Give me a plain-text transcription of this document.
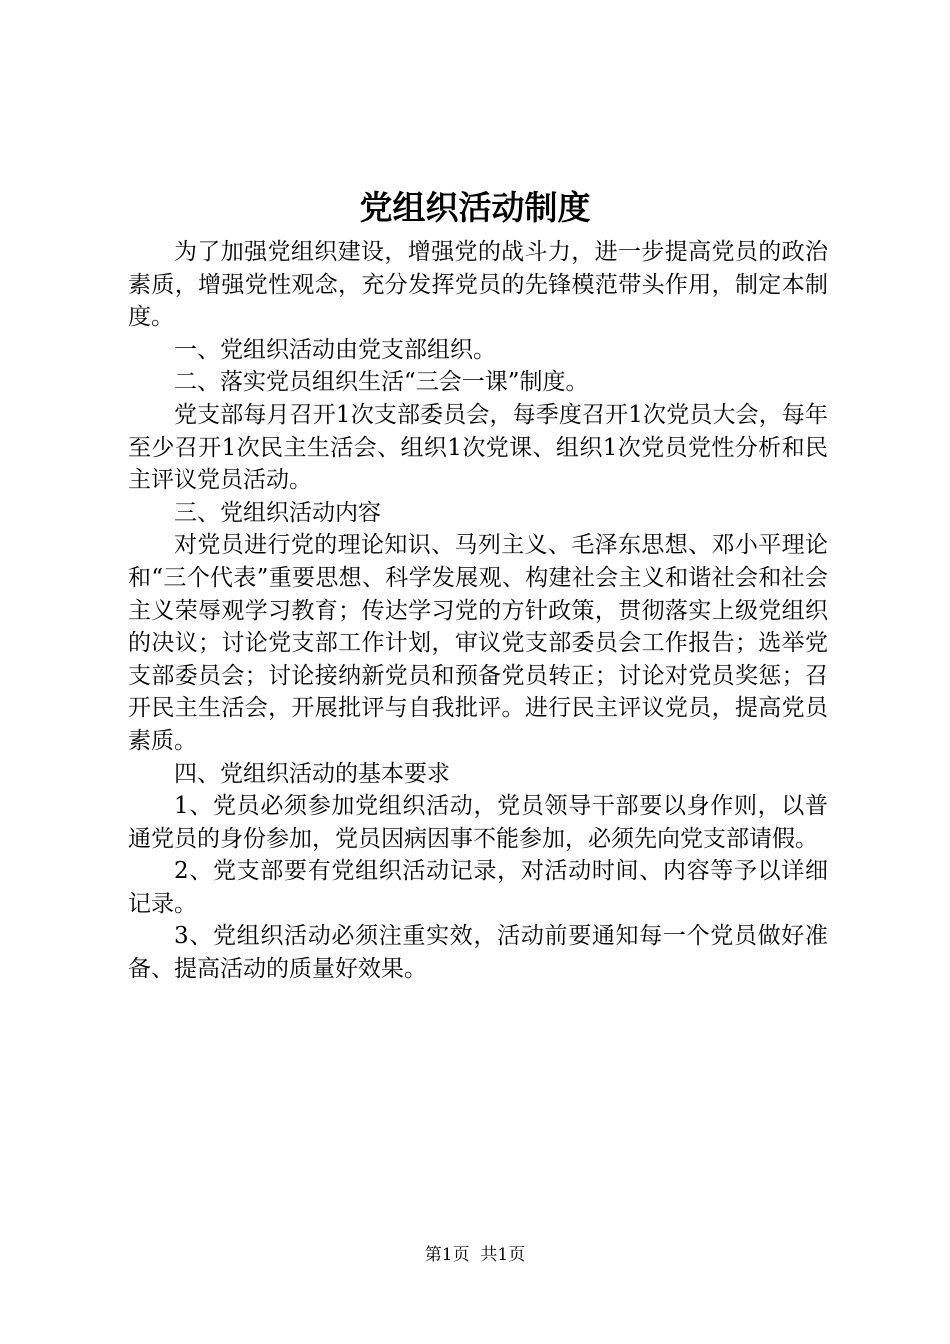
党组织活动制度

为了加强党组织建设，增强党的战斗力，进一步提高党员的政治素质，增强党性观念，充分发挥党员的先锋模范带头作用，制定本制度。

一、党组织活动由党支部组织。

二、落实党员组织生活“三会一课”制度。

党支部每月召开1次支部委员会，每季度召开1次党员大会，每年至少召开1次民主生活会、组织1次党课、组织1次党员党性分析和民主评议党员活动。

三、党组织活动内容

对党员进行党的理论知识、马列主义、毛泽东思想、邓小平理论和“三个代表”重要思想、科学发展观、构建社会主义和谐社会和社会主义荣辱观学习教育；传达学习党的方针政策，贯彻落实上级党组织的决议；讨论党支部工作计划，审议党支部委员会工作报告；选举党支部委员会；讨论接纳新党员和预备党员转正；讨论对党员奖惩；召开民主生活会，开展批评与自我批评。进行民主评议党员，提高党员素质。

四、党组织活动的基本要求

1、党员必须参加党组织活动，党员领导干部要以身作则，以普通党员的身份参加，党员因病因事不能参加，必须先向党支部请假。

2、党支部要有党组织活动记录，对活动时间、内容等予以详细记录。

3、党组织活动必须注重实效，活动前要通知每一个党员做好准备、提高活动的质量好效果。

第1页 共1页
